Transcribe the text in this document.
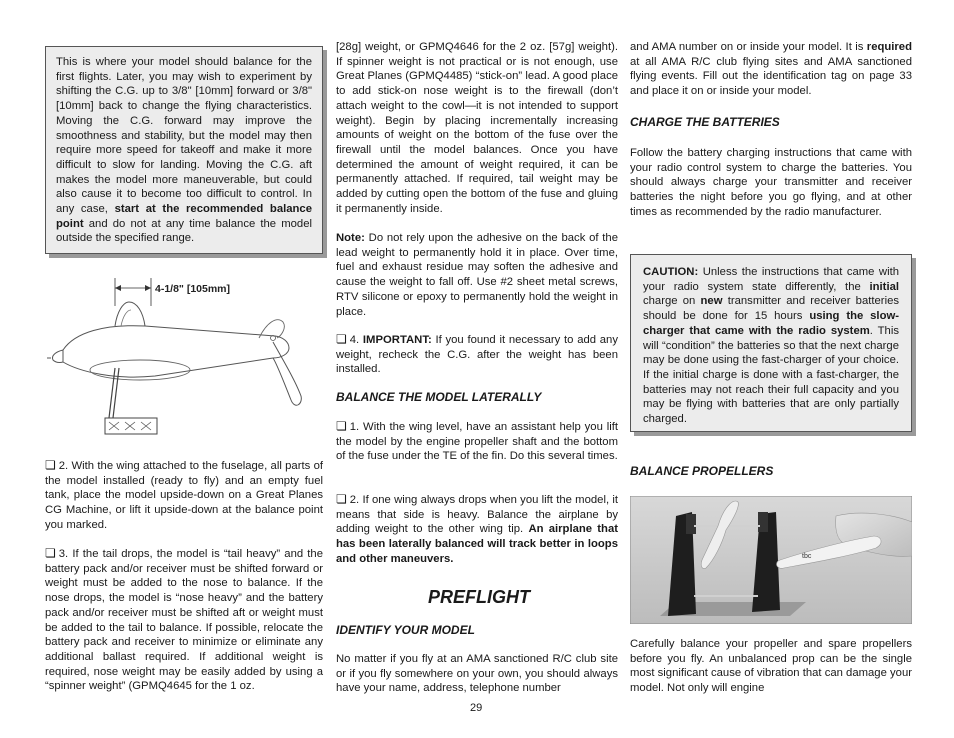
This is where your model should balance for the first flights. Later, you may wish to experiment by shifting the C.G. up to 3/8" [10mm] forward or 3/8" [10mm] back to change the flying characteristics. Moving the C.G. forward may improve the smoothness and stability, but the model may then require more speed for takeoff and make it more difficult to slow for landing. Moving the C.G. aft makes the model more maneuverable, but could also cause it to become too difficult to control. In any case, start at the recommended balance point and do not at any time balance the model outside the specified range.

4-1/8" [105mm]

❏ 2. With the wing attached to the fuselage, all parts of the model installed (ready to fly) and an empty fuel tank, place the model upside-down on a Great Planes CG Machine, or lift it upside-down at the balance point you marked.

❏ 3. If the tail drops, the model is “tail heavy” and the battery pack and/or receiver must be shifted forward or weight must be added to the nose to balance. If the nose drops, the model is “nose heavy” and the battery pack and/or receiver must be shifted aft or weight must be added to the tail to balance. If possible, relocate the battery pack and receiver to minimize or eliminate any additional ballast required. If additional weight is required, nose weight may be easily added by using a “spinner weight” (GPMQ4645 for the 1 oz.

[28g] weight, or GPMQ4646 for the 2 oz. [57g] weight). If spinner weight is not practical or is not enough, use Great Planes (GPMQ4485) “stick-on” lead. A good place to add stick-on nose weight is to the firewall (don’t attach weight to the cowl—it is not intended to support weight). Begin by placing incrementally increasing amounts of weight on the bottom of the fuse over the firewall until the model balances. Once you have determined the amount of weight required, it can be permanently attached. If required, tail weight may be added by cutting open the bottom of the fuse and gluing it permanently inside.

Note: Do not rely upon the adhesive on the back of the lead weight to permanently hold it in place. Over time, fuel and exhaust residue may soften the adhesive and cause the weight to fall off. Use #2 sheet metal screws, RTV silicone or epoxy to permanently hold the weight in place.

❏ 4. IMPORTANT: If you found it necessary to add any weight, recheck the C.G. after the weight has been installed.

BALANCE THE MODEL LATERALLY

❏ 1. With the wing level, have an assistant help you lift the model by the engine propeller shaft and the bottom of the fuse under the TE of the fin. Do this several times.

❏ 2. If one wing always drops when you lift the model, it means that side is heavy. Balance the airplane by adding weight to the other wing tip. An airplane that has been laterally balanced will track better in loops and other maneuvers.

PREFLIGHT

IDENTIFY YOUR MODEL

No matter if you fly at an AMA sanctioned R/C club site or if you fly somewhere on your own, you should always have your name, address, telephone number

and AMA number on or inside your model. It is required at all AMA R/C club flying sites and AMA sanctioned flying events. Fill out the identification tag on page 33 and place it on or inside your model.

CHARGE THE BATTERIES

Follow the battery charging instructions that came with your radio control system to charge the batteries. You should always charge your transmitter and receiver batteries the night before you go flying, and at other times as recommended by the radio manufacturer.

CAUTION: Unless the instructions that came with your radio system state differently, the initial charge on new transmitter and receiver batteries should be done for 15 hours using the slow-charger that came with the radio system. This will “condition” the batteries so that the next charge may be done using the fast-charger of your choice. If the initial charge is done with a fast-charger, the batteries may not reach their full capacity and you may be flying with batteries that are only partially charged.

BALANCE PROPELLERS

tbc

Carefully balance your propeller and spare propellers before you fly. An unbalanced prop can be the single most significant cause of vibration that can damage your model. Not only will engine

29
